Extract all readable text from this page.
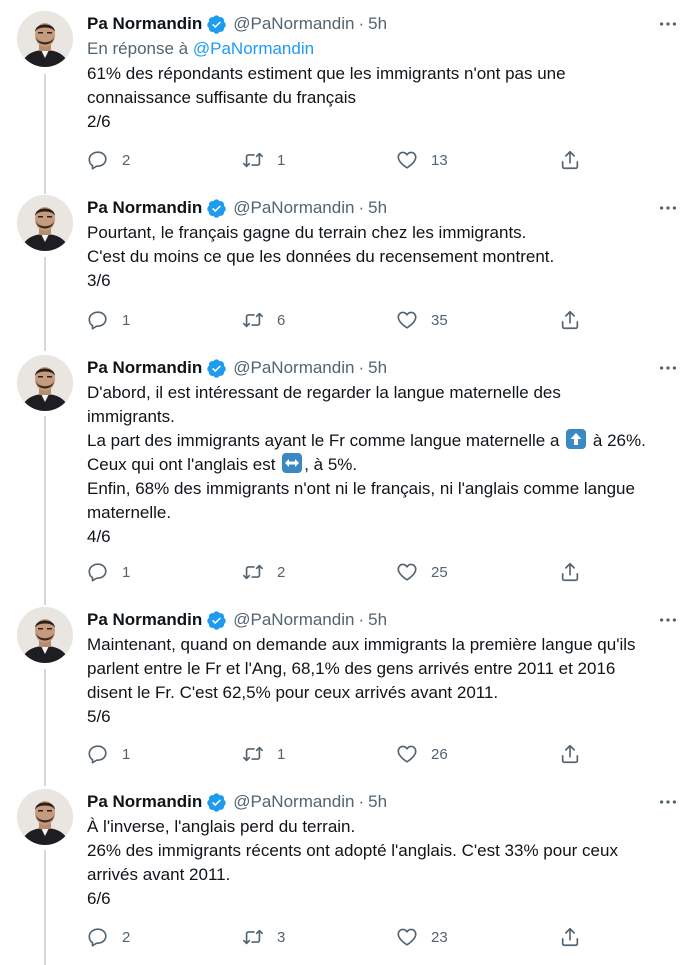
Pa Normandin @PaNormandin · 5h
En réponse à @PaNormandin

61% des répondants estiment que les immigrants n'ont pas une

connaissance suffisante du français

2/6

2	1	13
Pa Normandin @PaNormandin · 5h

Pourtant, le français gagne du terrain chez les immigrants.

C'est du moins ce que les données du recensement montrent.

3/6

1	6	35
Pa Normandin @PaNormandin · 5h

D'abord, il est intéressant de regarder la langue maternelle des

immigrants.

La part des immigrants ayant le Fr comme langue maternelle a à 26%.

Ceux qui ont l'anglais est , à 5%.

Enfin, 68% des immigrants n'ont ni le français, ni l'anglais comme langue

maternelle.

4/6

1	2	25
Pa Normandin @PaNormandin · 5h

Maintenant, quand on demande aux immigrants la première langue qu'ils

parlent entre le Fr et l'Ang, 68,1% des gens arrivés entre 2011 et 2016

disent le Fr. C'est 62,5% pour ceux arrivés avant 2011.

5/6

1	1	26
Pa Normandin @PaNormandin · 5h

À l'inverse, l'anglais perd du terrain.

26% des immigrants récents ont adopté l'anglais. C'est 33% pour ceux

arrivés avant 2011.

6/6

2	3	23
